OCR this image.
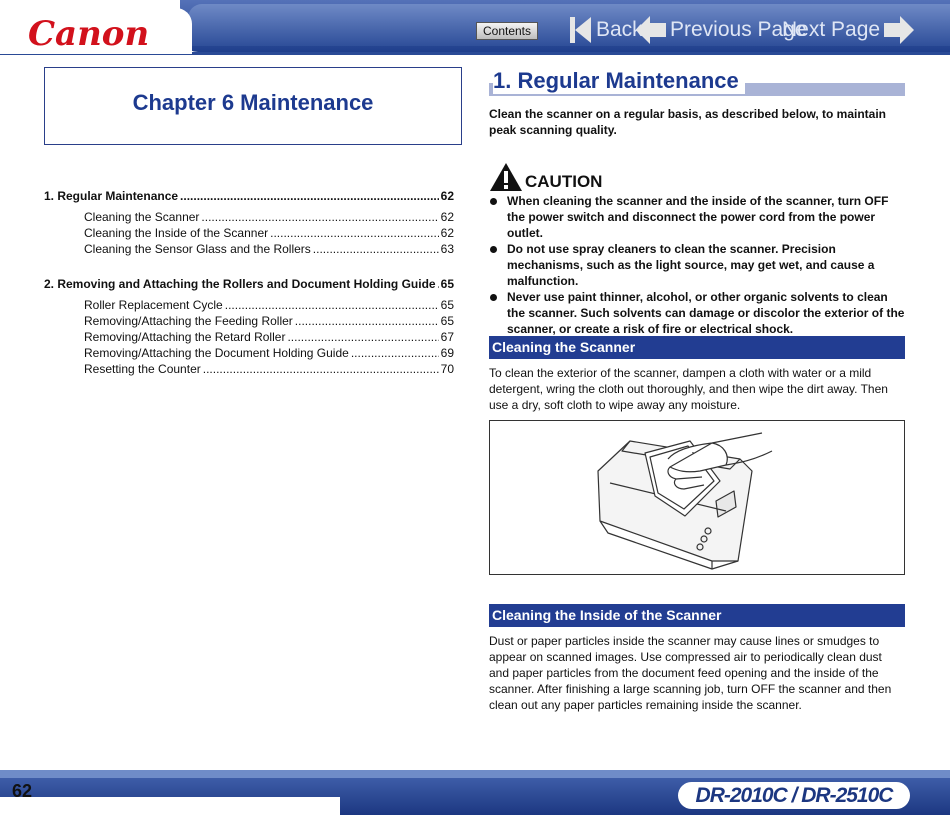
Canon	Contents	Back Previous Page
Next Page
Chapter 6 Maintenance
1. Regular Maintenance .....	62
Cleaning the Scanner .....	62
Cleaning the Inside of the Scanner .....	62
Cleaning the Sensor Glass and the Rollers .....	63
2. Removing and Attaching the Rollers and Document Holding Guide ..... 65
Roller Replacement Cycle .....	65
Removing/Attaching the Feeding Roller .....	65
Removing/Attaching the Retard Roller .....	67
Removing/Attaching the Document Holding Guide .....	69
Resetting the Counter .....	70
1. Regular Maintenance
Clean the scanner on a regular basis, as described below, to maintain peak scanning quality.
CAUTION
When cleaning the scanner and the inside of the scanner, turn OFF the power switch and disconnect the power cord from the power outlet.
Do not use spray cleaners to clean the scanner. Precision mechanisms, such as the light source, may get wet, and cause a malfunction.
Never use paint thinner, alcohol, or other organic solvents to clean the scanner. Such solvents can damage or discolor the exterior of the scanner, or create a risk of fire or electrical shock.
Cleaning the Scanner
To clean the exterior of the scanner, dampen a cloth with water or a mild detergent, wring the cloth out thoroughly, and then wipe the dirt away. Then use a dry, soft cloth to wipe away any moisture.
Cleaning the Inside of the Scanner
Dust or paper particles inside the scanner may cause lines or smudges to appear on scanned images. Use compressed air to periodically clean dust and paper particles from the document feed opening and the inside of the scanner. After finishing a large scanning job, turn OFF the scanner and then clean out any paper particles remaining inside the scanner.
62	DR-2010C / DR-2510C
